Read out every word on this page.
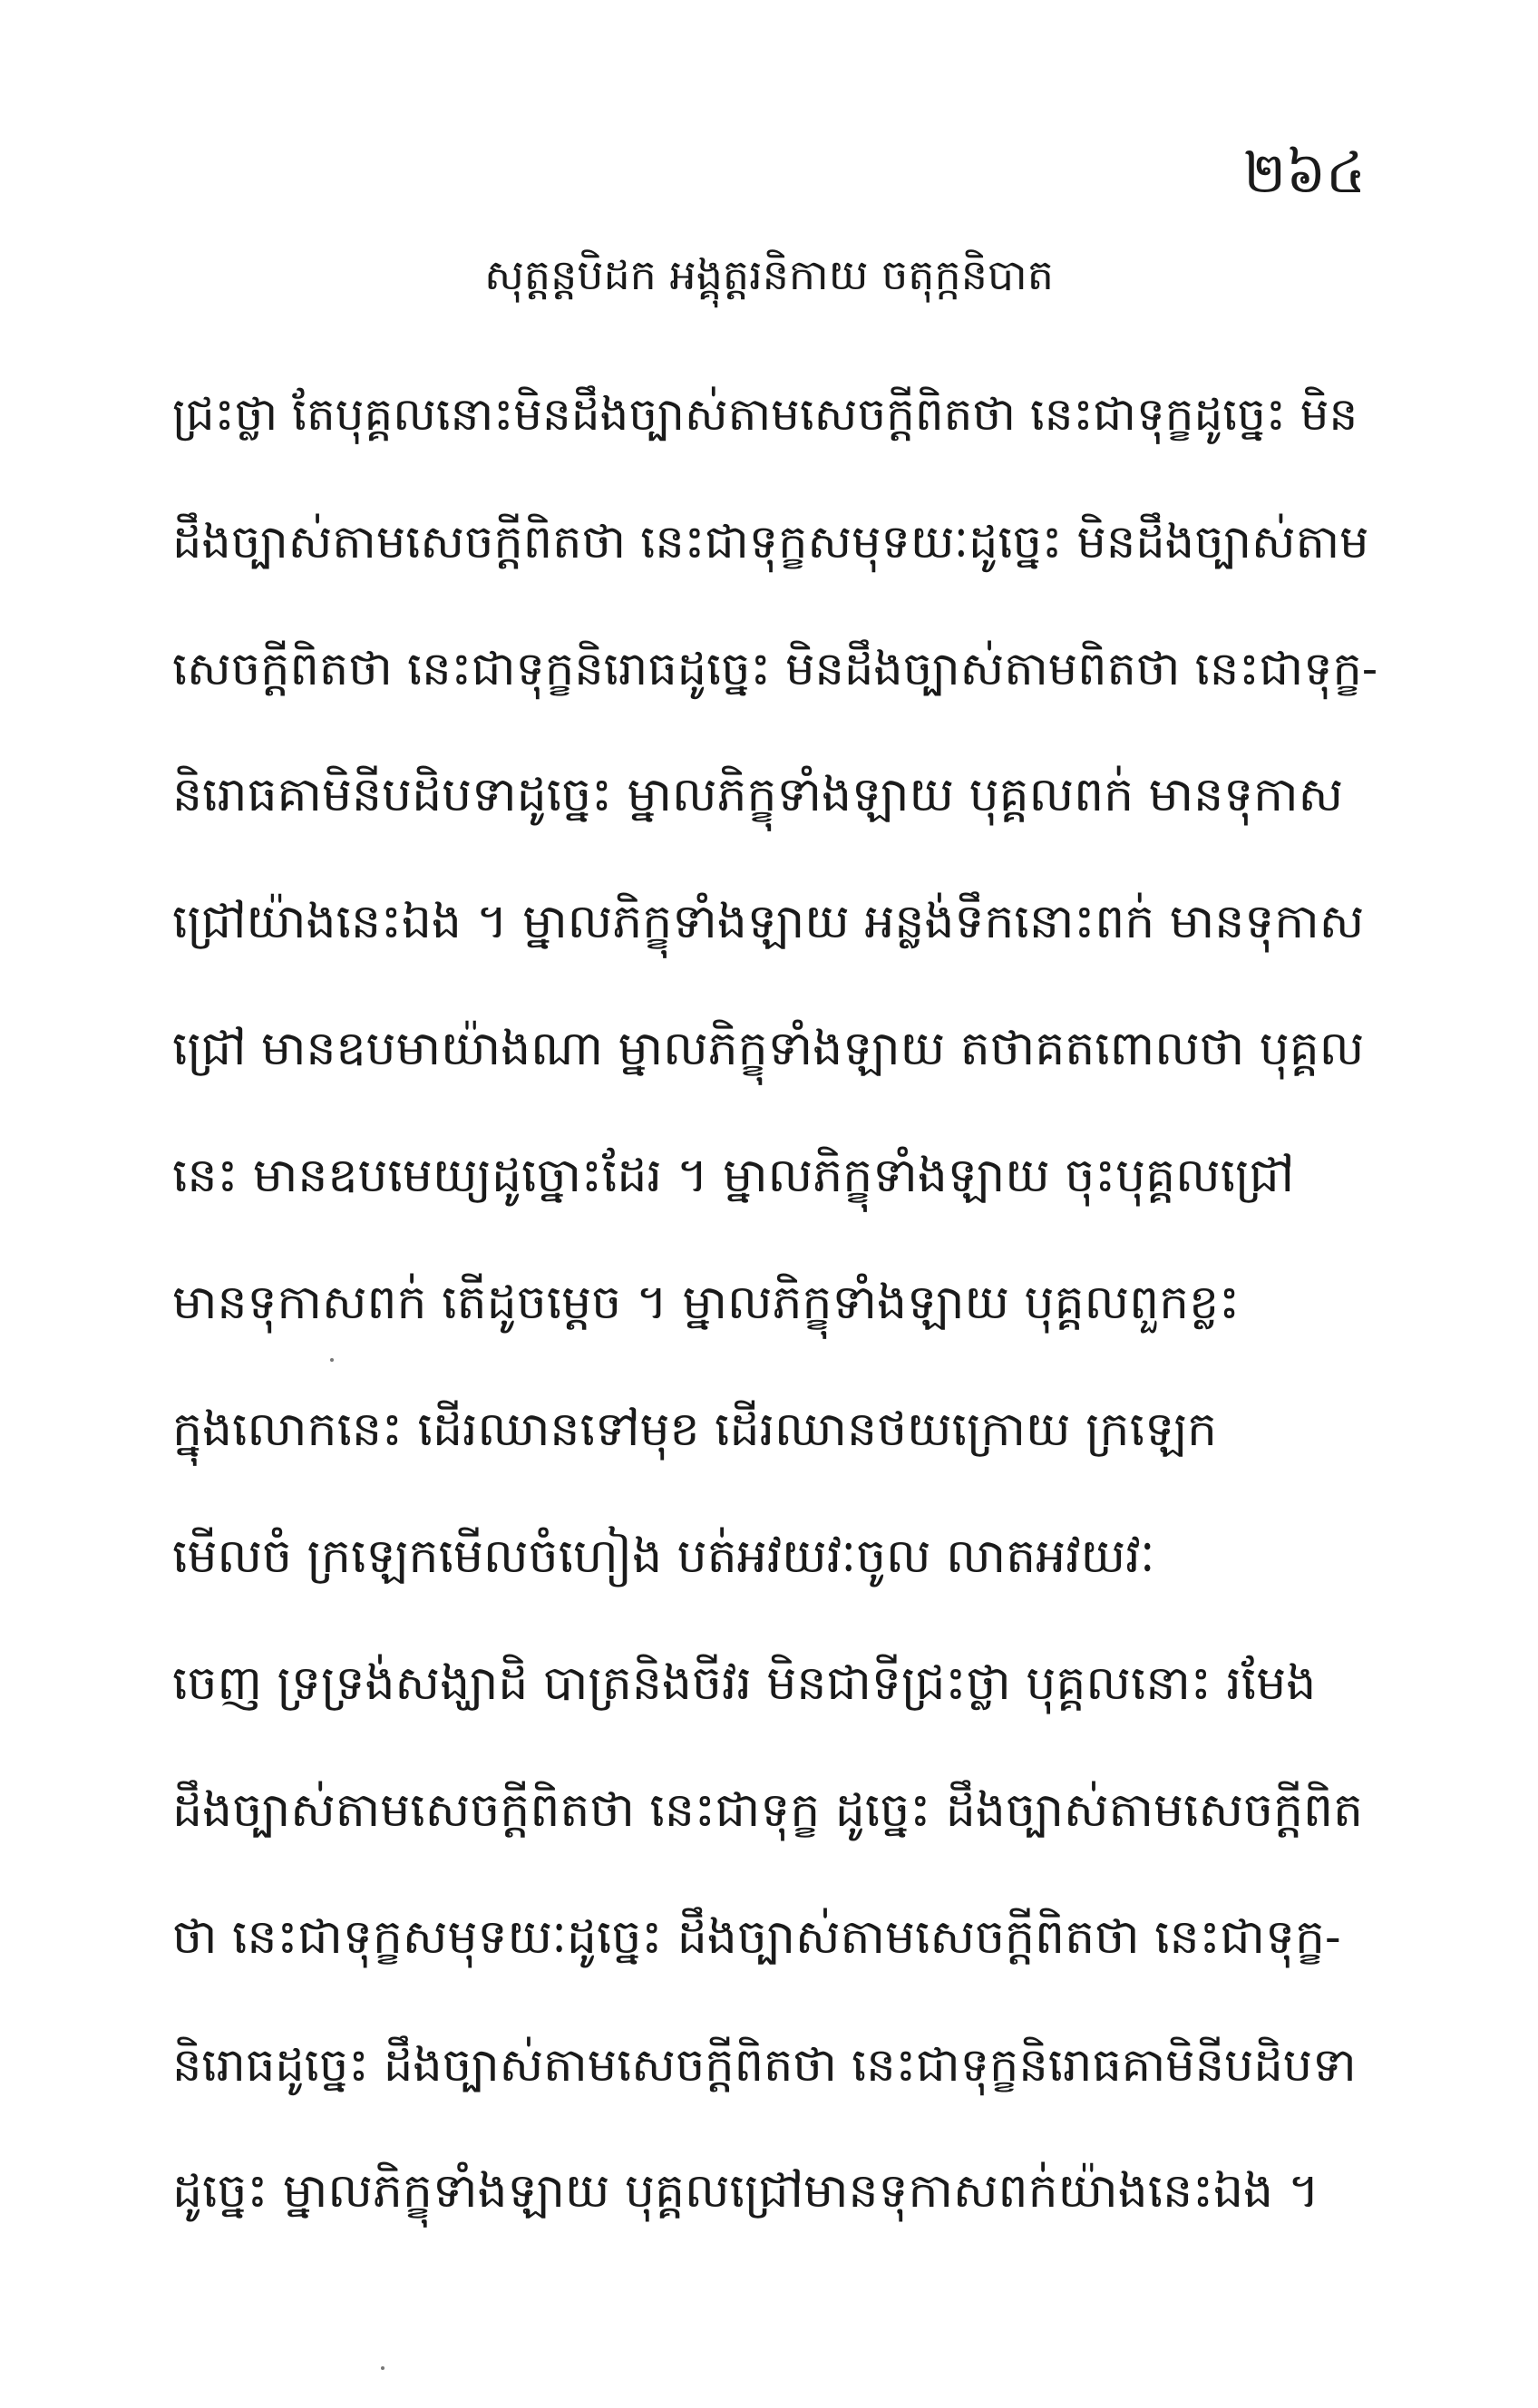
២៦៤
សុត្តន្តបិដក អង្គុត្តរនិកាយ ចតុក្កនិបាត
ជ្រះថ្លា តែបុគ្គលនោះមិនដឹងច្បាស់តាមសេចក្តីពិតថា នេះជាទុក្ខដូច្នេះ មិន
ដឹងច្បាស់តាមសេចក្តីពិតថា នេះជាទុក្ខសមុទយៈដូច្នេះ មិនដឹងច្បាស់តាម
សេចក្តីពិតថា នេះជាទុក្ខនិរោធដូច្នេះ មិនដឹងច្បាស់តាមពិតថា នេះជាទុក្ខ-
និរោធគាមិនីបដិបទាដូច្នេះ ម្នាលភិក្ខុទាំងឡាយ បុគ្គលពក់ មានទុកាស
ជ្រៅយ៉ាងនេះឯង ។ ម្នាលភិក្ខុទាំងឡាយ អន្លង់ទឹកនោះពក់ មានទុកាស
ជ្រៅ មានឧបមាយ៉ាងណា ម្នាលភិក្ខុទាំងឡាយ តថាគតពោលថា បុគ្គល
នេះ មានឧបមេយ្យដូច្នោះដែរ ។ ម្នាលភិក្ខុទាំងឡាយ ចុះបុគ្គលជ្រៅ
មានទុកាសពក់ តើដូចម្តេច ។ ម្នាលភិក្ខុទាំងឡាយ បុគ្គលពួកខ្លះ
ក្នុងលោកនេះ ដើរឈានទៅមុខ ដើរឈានថយក្រោយ ក្រឡេក
មើលចំ ក្រឡេកមើលចំហៀង បត់អវយវៈចូល លាតអវយវៈ
ចេញ ទ្រទ្រង់សង្ឃាដិ បាត្រនិងចីវរ មិនជាទីជ្រះថ្លា បុគ្គលនោះ រមែង
ដឹងច្បាស់តាមសេចក្តីពិតថា នេះជាទុក្ខ ដូច្នេះ ដឹងច្បាស់តាមសេចក្តីពិត
ថា នេះជាទុក្ខសមុទយៈដូច្នេះ ដឹងច្បាស់តាមសេចក្តីពិតថា នេះជាទុក្ខ-
និរោធដូច្នេះ ដឹងច្បាស់តាមសេចក្តីពិតថា នេះជាទុក្ខនិរោធគាមិនីបដិបទា
ដូច្នេះ ម្នាលភិក្ខុទាំងឡាយ បុគ្គលជ្រៅមានទុកាសពក់យ៉ាងនេះឯង ។
